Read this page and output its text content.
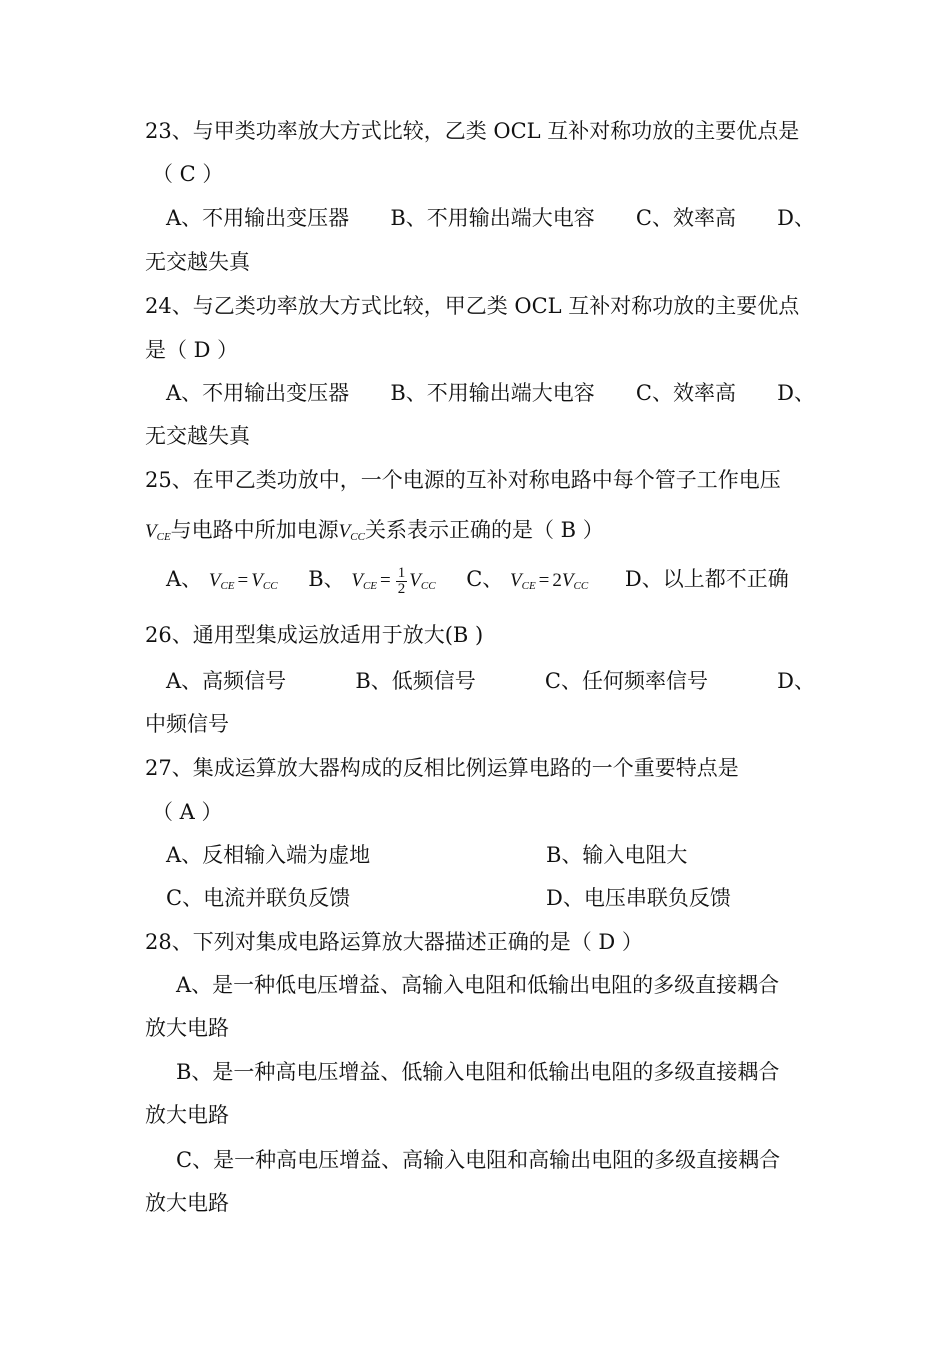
23、与甲类功率放大方式比较，乙类 OCL 互补对称功放的主要优点是
（ C ）
A、不用输出变压器 B、不用输出端大电容 C、效率高 D、
无交越失真
24、与乙类功率放大方式比较，甲乙类 OCL 互补对称功放的主要优点
是（ D ）
A、不用输出变压器 B、不用输出端大电容 C、效率高 D、
无交越失真
25、在甲乙类功放中，一个电源的互补对称电路中每个管子工作电压
$V_{CE}$与电路中所加电源$V_{CC}$关系表示正确的是（ B ）
A、 $V_{CE} = V_{CC}$ B、 $V_{CE} = \frac{1}{2} V_{CC}$ C、 $V_{CE} = 2V_{CC}$ D、以上都不正确
26、通用型集成运放适用于放大(B )
A、高频信号	B、低频信号	C、任何频率信号	D、
中频信号
27、集成运算放大器构成的反相比例运算电路的一个重要特点是
（ A ）
A、反相输入端为虚地	B、输入电阻大
C、电流并联负反馈	D、电压串联负反馈
28、下列对集成电路运算放大器描述正确的是（ D ）
A、是一种低电压增益、高输入电阻和低输出电阻的多级直接耦合
放大电路
B、是一种高电压增益、低输入电阻和低输出电阻的多级直接耦合
放大电路
C、是一种高电压增益、高输入电阻和高输出电阻的多级直接耦合
放大电路
